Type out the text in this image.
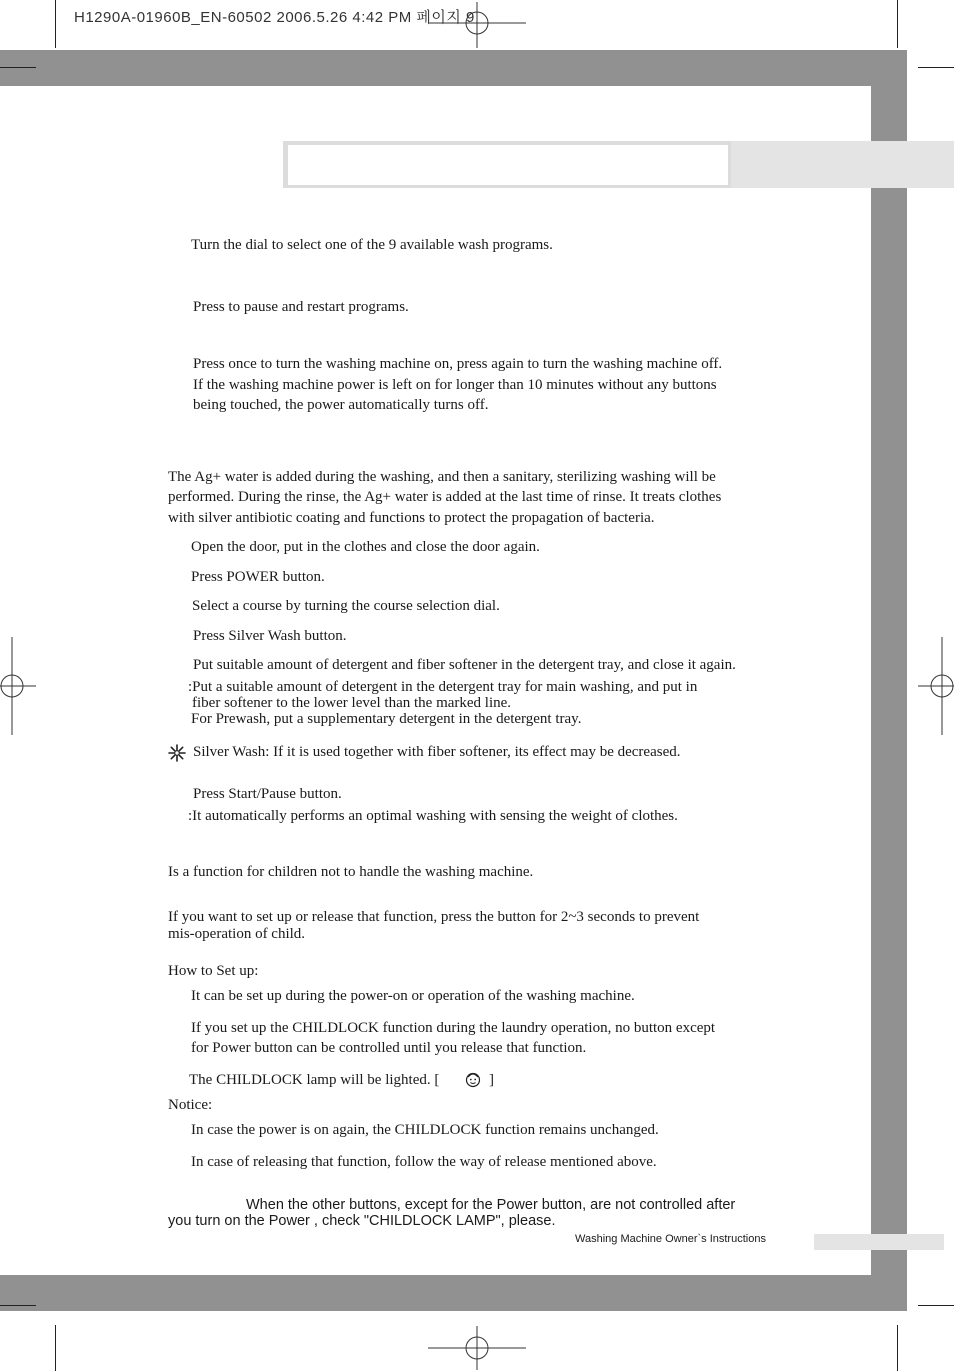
H1290A-01960B_EN-60502 2006.5.26 4:42 PM 페이지 9
Turn the dial to select one of the 9 available wash programs.
Press to pause and restart programs.
Press once to turn the washing machine on, press again to turn the washing machine off.
If the washing machine power is left on for longer than 10 minutes without any buttons
being touched, the power automatically turns off.
The Ag+ water is added during the washing, and then a sanitary, sterilizing washing will be
performed. During the rinse, the Ag+ water is added at the last time of rinse. It treats clothes
with silver antibiotic coating and functions to protect the propagation of bacteria.
Open the door, put in the clothes and close the door again.
Press POWER button.
Select a course by turning the course selection dial.
Press Silver Wash button.
Put suitable amount of detergent and fiber softener in the detergent tray, and close it again.
:Put a suitable amount of detergent in the detergent tray for main washing, and put in
fiber softener to the lower level than the marked line.
For Prewash, put a supplementary detergent in the detergent tray.
Silver Wash: If it is used together with fiber softener, its effect may be decreased.
Press Start/Pause button.
:It automatically performs an optimal washing with sensing the weight of clothes.
Is a function for children not to handle the washing machine.
If you want to set up or release that function, press the button for 2~3 seconds to prevent
mis-operation of child.
How to Set up:
It can be set up during the power-on or operation of the washing machine.
If you set up the CHILDLOCK function during the laundry operation, no button except
for Power button can be controlled until you release that function.
The CHILDLOCK lamp will be lighted. [	]
Notice:
In case the power is on again, the CHILDLOCK function remains unchanged.
In case of releasing that function, follow the way of release mentioned above.
When the other buttons, except for the Power button, are not controlled after
you turn on the Power , check "CHILDLOCK LAMP", please.
Washing Machine Owner`s Instructions
